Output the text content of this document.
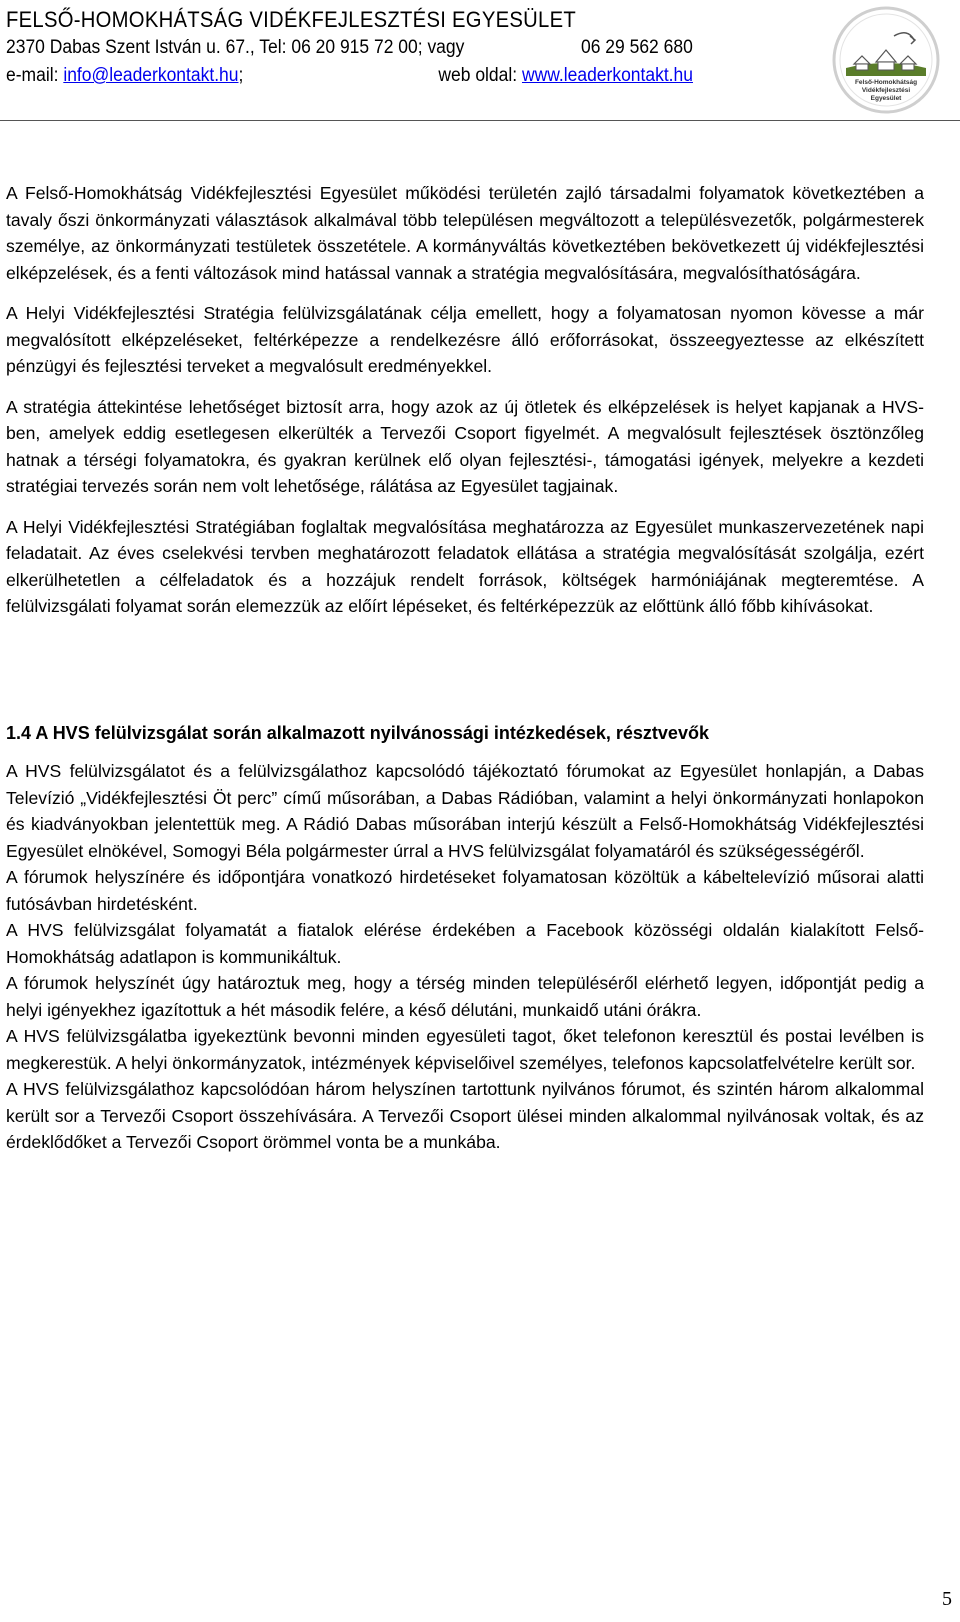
FELSŐ-HOMOKHÁTSÁG VIDÉKFEJLESZTÉSI EGYESÜLET
2370 Dabas Szent István u. 67., Tel: 06 20 915 72 00; vagy	06 29 562 680
e-mail: info@leaderkontakt.hu;	web oldal: www.leaderkontakt.hu	Felső-Homokhátság
Vidékfejlesztési
Egyesület

A Felső-Homokhátság Vidékfejlesztési Egyesület működési területén zajló társadalmi folyamatok következtében a tavaly őszi önkormányzati választások alkalmával több településen megváltozott a településvezetők, polgármesterek személye, az önkormányzati testületek összetétele. A kormányváltás következtében bekövetkezett új vidékfejlesztési elképzelések, és a fenti változások mind hatással vannak a stratégia megvalósítására, megvalósíthatóságára.

A Helyi Vidékfejlesztési Stratégia felülvizsgálatának célja emellett, hogy a folyamatosan nyomon kövesse a már megvalósított elképzeléseket, feltérképezze a rendelkezésre álló erőforrásokat, összeegyeztesse az elkészített pénzügyi és fejlesztési terveket a megvalósult eredményekkel.

A stratégia áttekintése lehetőséget biztosít arra, hogy azok az új ötletek és elképzelések is helyet kapjanak a HVS-ben, amelyek eddig esetlegesen elkerülték a Tervezői Csoport figyelmét. A megvalósult fejlesztések ösztönzőleg hatnak a térségi folyamatokra, és gyakran kerülnek elő olyan fejlesztési-, támogatási igények, melyekre a kezdeti stratégiai tervezés során nem volt lehetősége, rálátása az Egyesület tagjainak.

A Helyi Vidékfejlesztési Stratégiában foglaltak megvalósítása meghatározza az Egyesület munkaszervezetének napi feladatait. Az éves cselekvési tervben meghatározott feladatok ellátása a stratégia megvalósítását szolgálja, ezért elkerülhetetlen a célfeladatok és a hozzájuk rendelt források, költségek harmóniájának megteremtése. A felülvizsgálati folyamat során elemezzük az előírt lépéseket, és feltérképezzük az előttünk álló főbb kihívásokat.

1.4 A HVS felülvizsgálat során alkalmazott nyilvánossági intézkedések, résztvevők

A HVS felülvizsgálatot és a felülvizsgálathoz kapcsolódó tájékoztató fórumokat az Egyesület honlapján, a Dabas Televízió „Vidékfejlesztési Öt perc” című műsorában, a Dabas Rádióban, valamint a helyi önkormányzati honlapokon és kiadványokban jelentettük meg. A Rádió Dabas műsorában interjú készült a Felső-Homokhátság Vidékfejlesztési Egyesület elnökével, Somogyi Béla polgármester úrral a HVS felülvizsgálat folyamatáról és szükségességéről.

A fórumok helyszínére és időpontjára vonatkozó hirdetéseket folyamatosan közöltük a kábeltelevízió műsorai alatti futósávban hirdetésként.

A HVS felülvizsgálat folyamatát a fiatalok elérése érdekében a Facebook közösségi oldalán kialakított Felső-Homokhátság adatlapon is kommunikáltuk.

A fórumok helyszínét úgy határoztuk meg, hogy a térség minden településéről elérhető legyen, időpontját pedig a helyi igényekhez igazítottuk a hét második felére, a késő délutáni, munkaidő utáni órákra.

A HVS felülvizsgálatba igyekeztünk bevonni minden egyesületi tagot, őket telefonon keresztül és postai levélben is megkerestük. A helyi önkormányzatok, intézmények képviselőivel személyes, telefonos kapcsolatfelvételre került sor.

A HVS felülvizsgálathoz kapcsolódóan három helyszínen tartottunk nyilvános fórumot, és szintén három alkalommal került sor a Tervezői Csoport összehívására. A Tervezői Csoport ülései minden alkalommal nyilvánosak voltak, és az érdeklődőket a Tervezői Csoport örömmel vonta be a munkába.

5
